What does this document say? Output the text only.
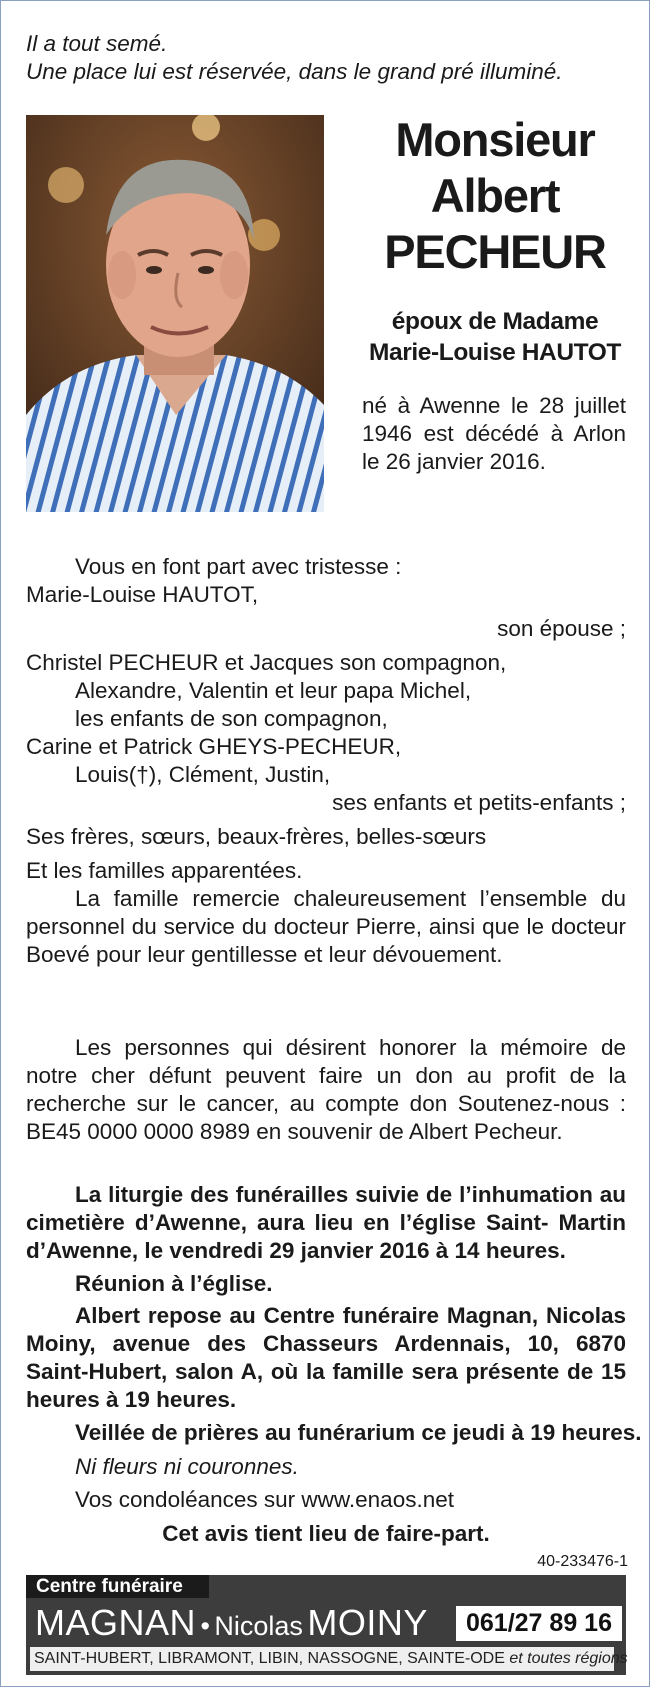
Il a tout semé.
Une place lui est réservée, dans le grand pré illuminé.
Monsieur
Albert
PECHEUR
époux de Madame
Marie-Louise HAUTOT
né à Awenne le 28 juillet 1946 est décédé à Arlon le 26 janvier 2016.
Vous en font part avec tristesse :
Marie-Louise HAUTOT,
son épouse ;
Christel PECHEUR et Jacques son compagnon,
Alexandre, Valentin et leur papa Michel,
les enfants de son compagnon,
Carine et Patrick GHEYS-PECHEUR,
Louis(†), Clément, Justin,
ses enfants et petits-enfants ;
Ses frères, sœurs, beaux-frères, belles-sœurs
Et les familles apparentées.
La famille remercie chaleureusement l’ensemble du personnel du service du docteur Pierre, ainsi que le docteur Boevé pour leur gentillesse et leur dévouement.
Les personnes qui désirent honorer la mémoire de notre cher défunt peuvent faire un don au profit de la recherche sur le cancer, au compte don Soutenez-nous : BE45 0000 0000 8989 en souvenir de Albert Pecheur.
La liturgie des funérailles suivie de l’inhumation au cimetière d’Awenne, aura lieu en l’église Saint- Martin d’Awenne, le vendredi 29 janvier 2016 à 14 heures.
Réunion à l’église.
Albert repose au Centre funéraire Magnan, Nicolas Moiny, avenue des Chasseurs Ardennais, 10, 6870 Saint-Hubert, salon A, où la famille sera présente de 15 heures à 19 heures.
Veillée de prières au funérarium ce jeudi à 19 heures.
Ni fleurs ni couronnes.
Vos condoléances sur www.enaos.net
Cet avis tient lieu de faire-part.
40-233476-1
Centre funéraire
MAGNAN • Nicolas MOINY	061/27 89 16
SAINT-HUBERT, LIBRAMONT, LIBIN, NASSOGNE, SAINTE-ODE et toutes régions
